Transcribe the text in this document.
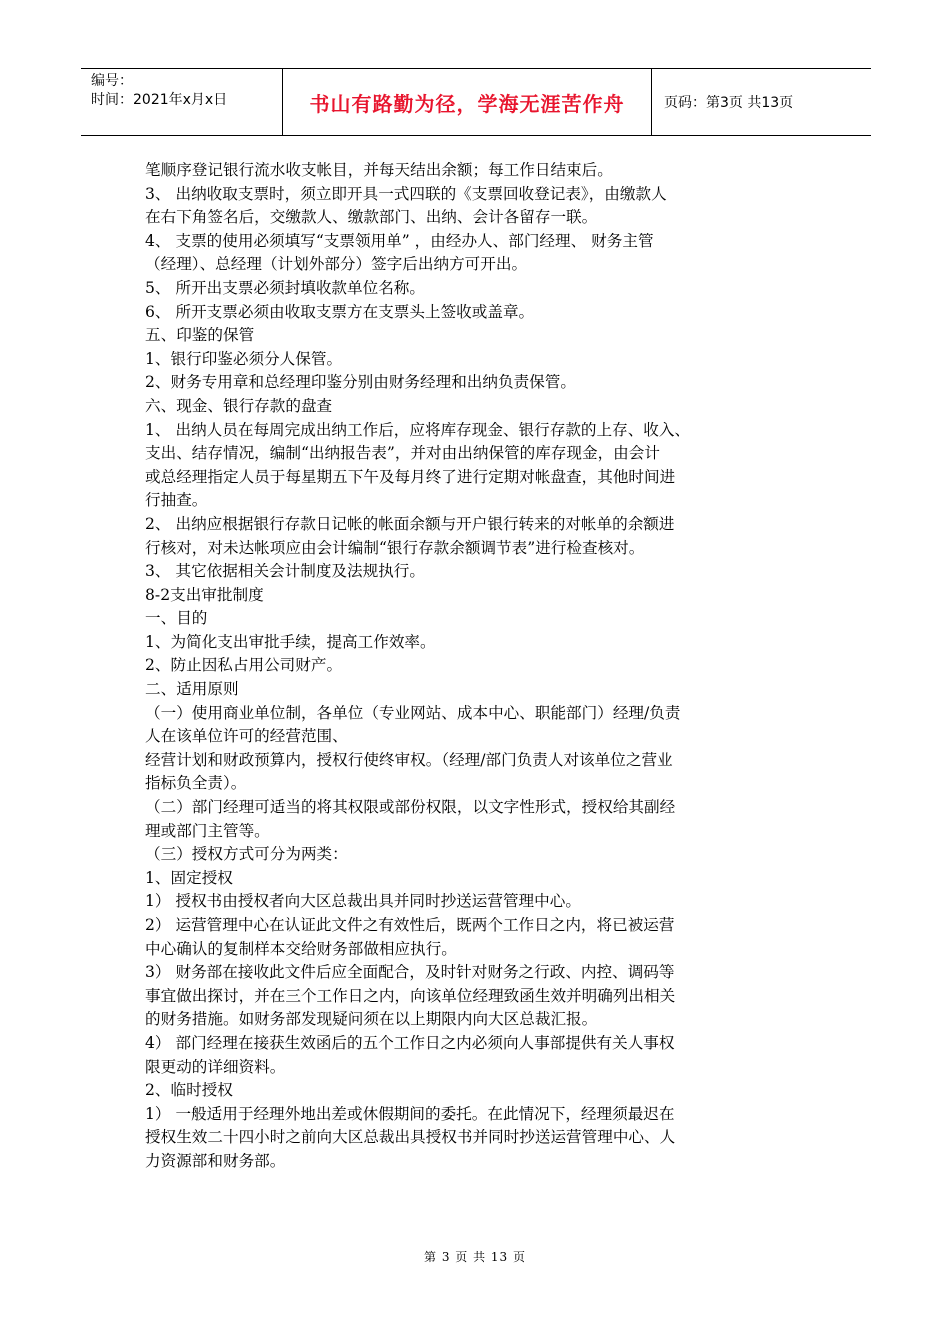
编号：
时间：2021年x月x日	书山有路勤为径，学海无涯苦作舟	页码：第3页 共13页

笔顺序登记银行流水收支帐目，并每天结出余额；每工作日结束后。

3、 出纳收取支票时，须立即开具一式四联的《支票回收登记表》，由缴款人

在右下角签名后，交缴款人、缴款部门、出纳、会计各留存一联。

4、 支票的使用必须填写“支票领用单” ，由经办人、部门经理、 财务主管

（经理）、总经理（计划外部分）签字后出纳方可开出。

5、 所开出支票必须封填收款单位名称。

6、 所开支票必须由收取支票方在支票头上签收或盖章。

五、印鉴的保管

1、银行印鉴必须分人保管。

2、财务专用章和总经理印鉴分别由财务经理和出纳负责保管。

六、现金、银行存款的盘查

1、 出纳人员在每周完成出纳工作后，应将库存现金、银行存款的上存、收入、

支出、结存情况，编制“出纳报告表”，并对由出纳保管的库存现金，由会计

或总经理指定人员于每星期五下午及每月终了进行定期对帐盘查，其他时间进

行抽查。

2、 出纳应根据银行存款日记帐的帐面余额与开户银行转来的对帐单的余额进

行核对，对未达帐项应由会计编制“银行存款余额调节表”进行检查核对。

3、 其它依据相关会计制度及法规执行。

8-2支出审批制度

一、目的

1、为简化支出审批手续，提高工作效率。

2、防止因私占用公司财产。

二、适用原则

（一）使用商业单位制，各单位（专业网站、成本中心、职能部门）经理/负责

人在该单位许可的经营范围、

经营计划和财政预算内，授权行使终审权。（经理/部门负责人对该单位之营业

指标负全责）。

（二）部门经理可适当的将其权限或部份权限，以文字性形式，授权给其副经

理或部门主管等。

（三）授权方式可分为两类：

1、固定授权

1） 授权书由授权者向大区总裁出具并同时抄送运营管理中心。

2） 运营管理中心在认证此文件之有效性后，既两个工作日之内，将已被运营

中心确认的复制样本交给财务部做相应执行。

3） 财务部在接收此文件后应全面配合，及时针对财务之行政、内控、调码等

事宜做出探讨，并在三个工作日之内，向该单位经理致函生效并明确列出相关

的财务措施。如财务部发现疑问须在以上期限内向大区总裁汇报。

4） 部门经理在接获生效函后的五个工作日之内必须向人事部提供有关人事权

限更动的详细资料。

2、临时授权

1） 一般适用于经理外地出差或休假期间的委托。在此情况下，经理须最迟在

授权生效二十四小时之前向大区总裁出具授权书并同时抄送运营管理中心、人

力资源部和财务部。

第 3 页 共 13 页
